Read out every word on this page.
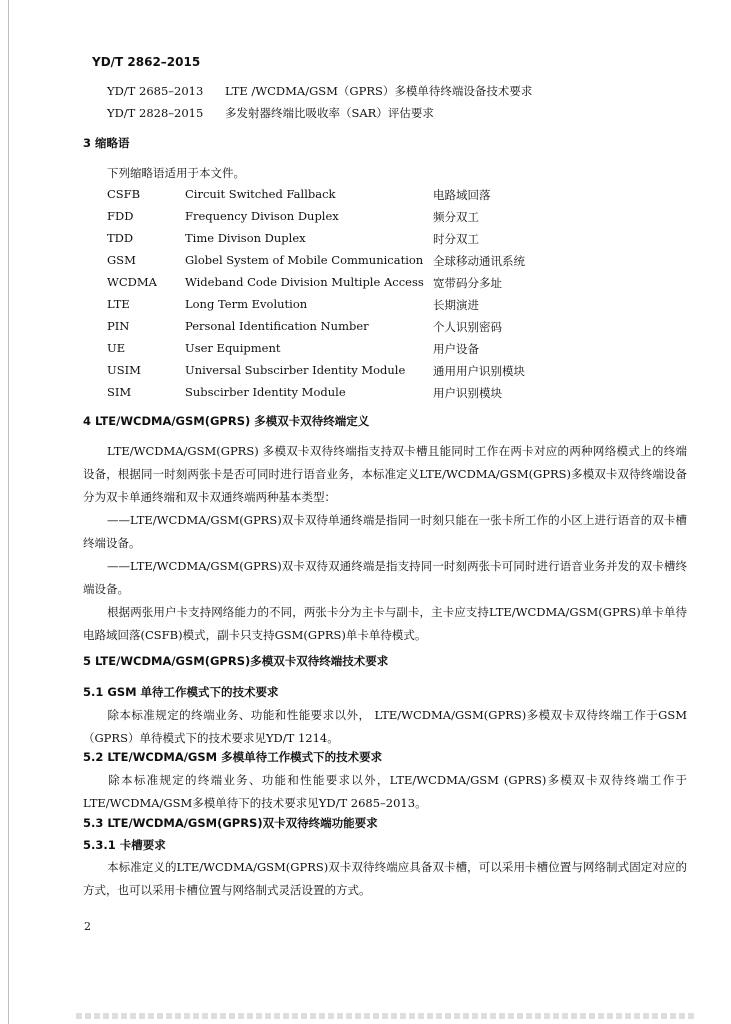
YD/T 2862–2015
YD/T 2685–2013 LTE /WCDMA/GSM（GPRS）多模单待终端设备技术要求
YD/T 2828–2015 多发射器终端比吸收率（SAR）评估要求
3 缩略语
下列缩略语适用于本文件。
CSFB	Circuit Switched Fallback	电路域回落
FDD	Frequency Divison Duplex	频分双工
TDD	Time Divison Duplex	时分双工
GSM	Globel System of Mobile Communication 全球移动通讯系统
WCDMA Wideband Code Division Multiple Access 宽带码分多址
LTE	Long Term Evolution	长期演进
PIN	Personal Identification Number	个人识别密码
UE	User Equipment	用户设备
USIM	Universal Subscirber Identity Module 通用用户识别模块
SIM	Subscirber Identity Module	用户识别模块
4 LTE/WCDMA/GSM(GPRS) 多模双卡双待终端定义

LTE/WCDMA/GSM(GPRS) 多模双卡双待终端指支持双卡槽且能同时工作在两卡对应的两种网络模式上的终端设备，根据同一时刻两张卡是否可同时进行语音业务，本标准定义LTE/WCDMA/GSM(GPRS)多模双卡双待终端设备分为双卡单通终端和双卡双通终端两种基本类型：

——LTE/WCDMA/GSM(GPRS)双卡双待单通终端是指同一时刻只能在一张卡所工作的小区上进行语音的双卡槽终端设备。

——LTE/WCDMA/GSM(GPRS)双卡双待双通终端是指支持同一时刻两张卡可同时进行语音业务并发的双卡槽终端设备。

根据两张用户卡支持网络能力的不同，两张卡分为主卡与副卡，主卡应支持LTE/WCDMA/GSM(GPRS)单卡单待电路域回落(CSFB)模式，副卡只支持GSM(GPRS)单卡单待模式。

5 LTE/WCDMA/GSM(GPRS)多模双卡双待终端技术要求
5.1 GSM 单待工作模式下的技术要求

除本标准规定的终端业务、功能和性能要求以外， LTE/WCDMA/GSM(GPRS)多模双卡双待终端工作于GSM（GPRS）单待模式下的技术要求见YD/T 1214。

5.2 LTE/WCDMA/GSM 多模单待工作模式下的技术要求

除本标准规定的终端业务、功能和性能要求以外，LTE/WCDMA/GSM (GPRS)多模双卡双待终端工作于LTE/WCDMA/GSM多模单待下的技术要求见YD/T 2685–2013。

5.3 LTE/WCDMA/GSM(GPRS)双卡双待终端功能要求
5.3.1 卡槽要求

本标准定义的LTE/WCDMA/GSM(GPRS)双卡双待终端应具备双卡槽，可以采用卡槽位置与网络制式固定对应的方式，也可以采用卡槽位置与网络制式灵活设置的方式。

2
